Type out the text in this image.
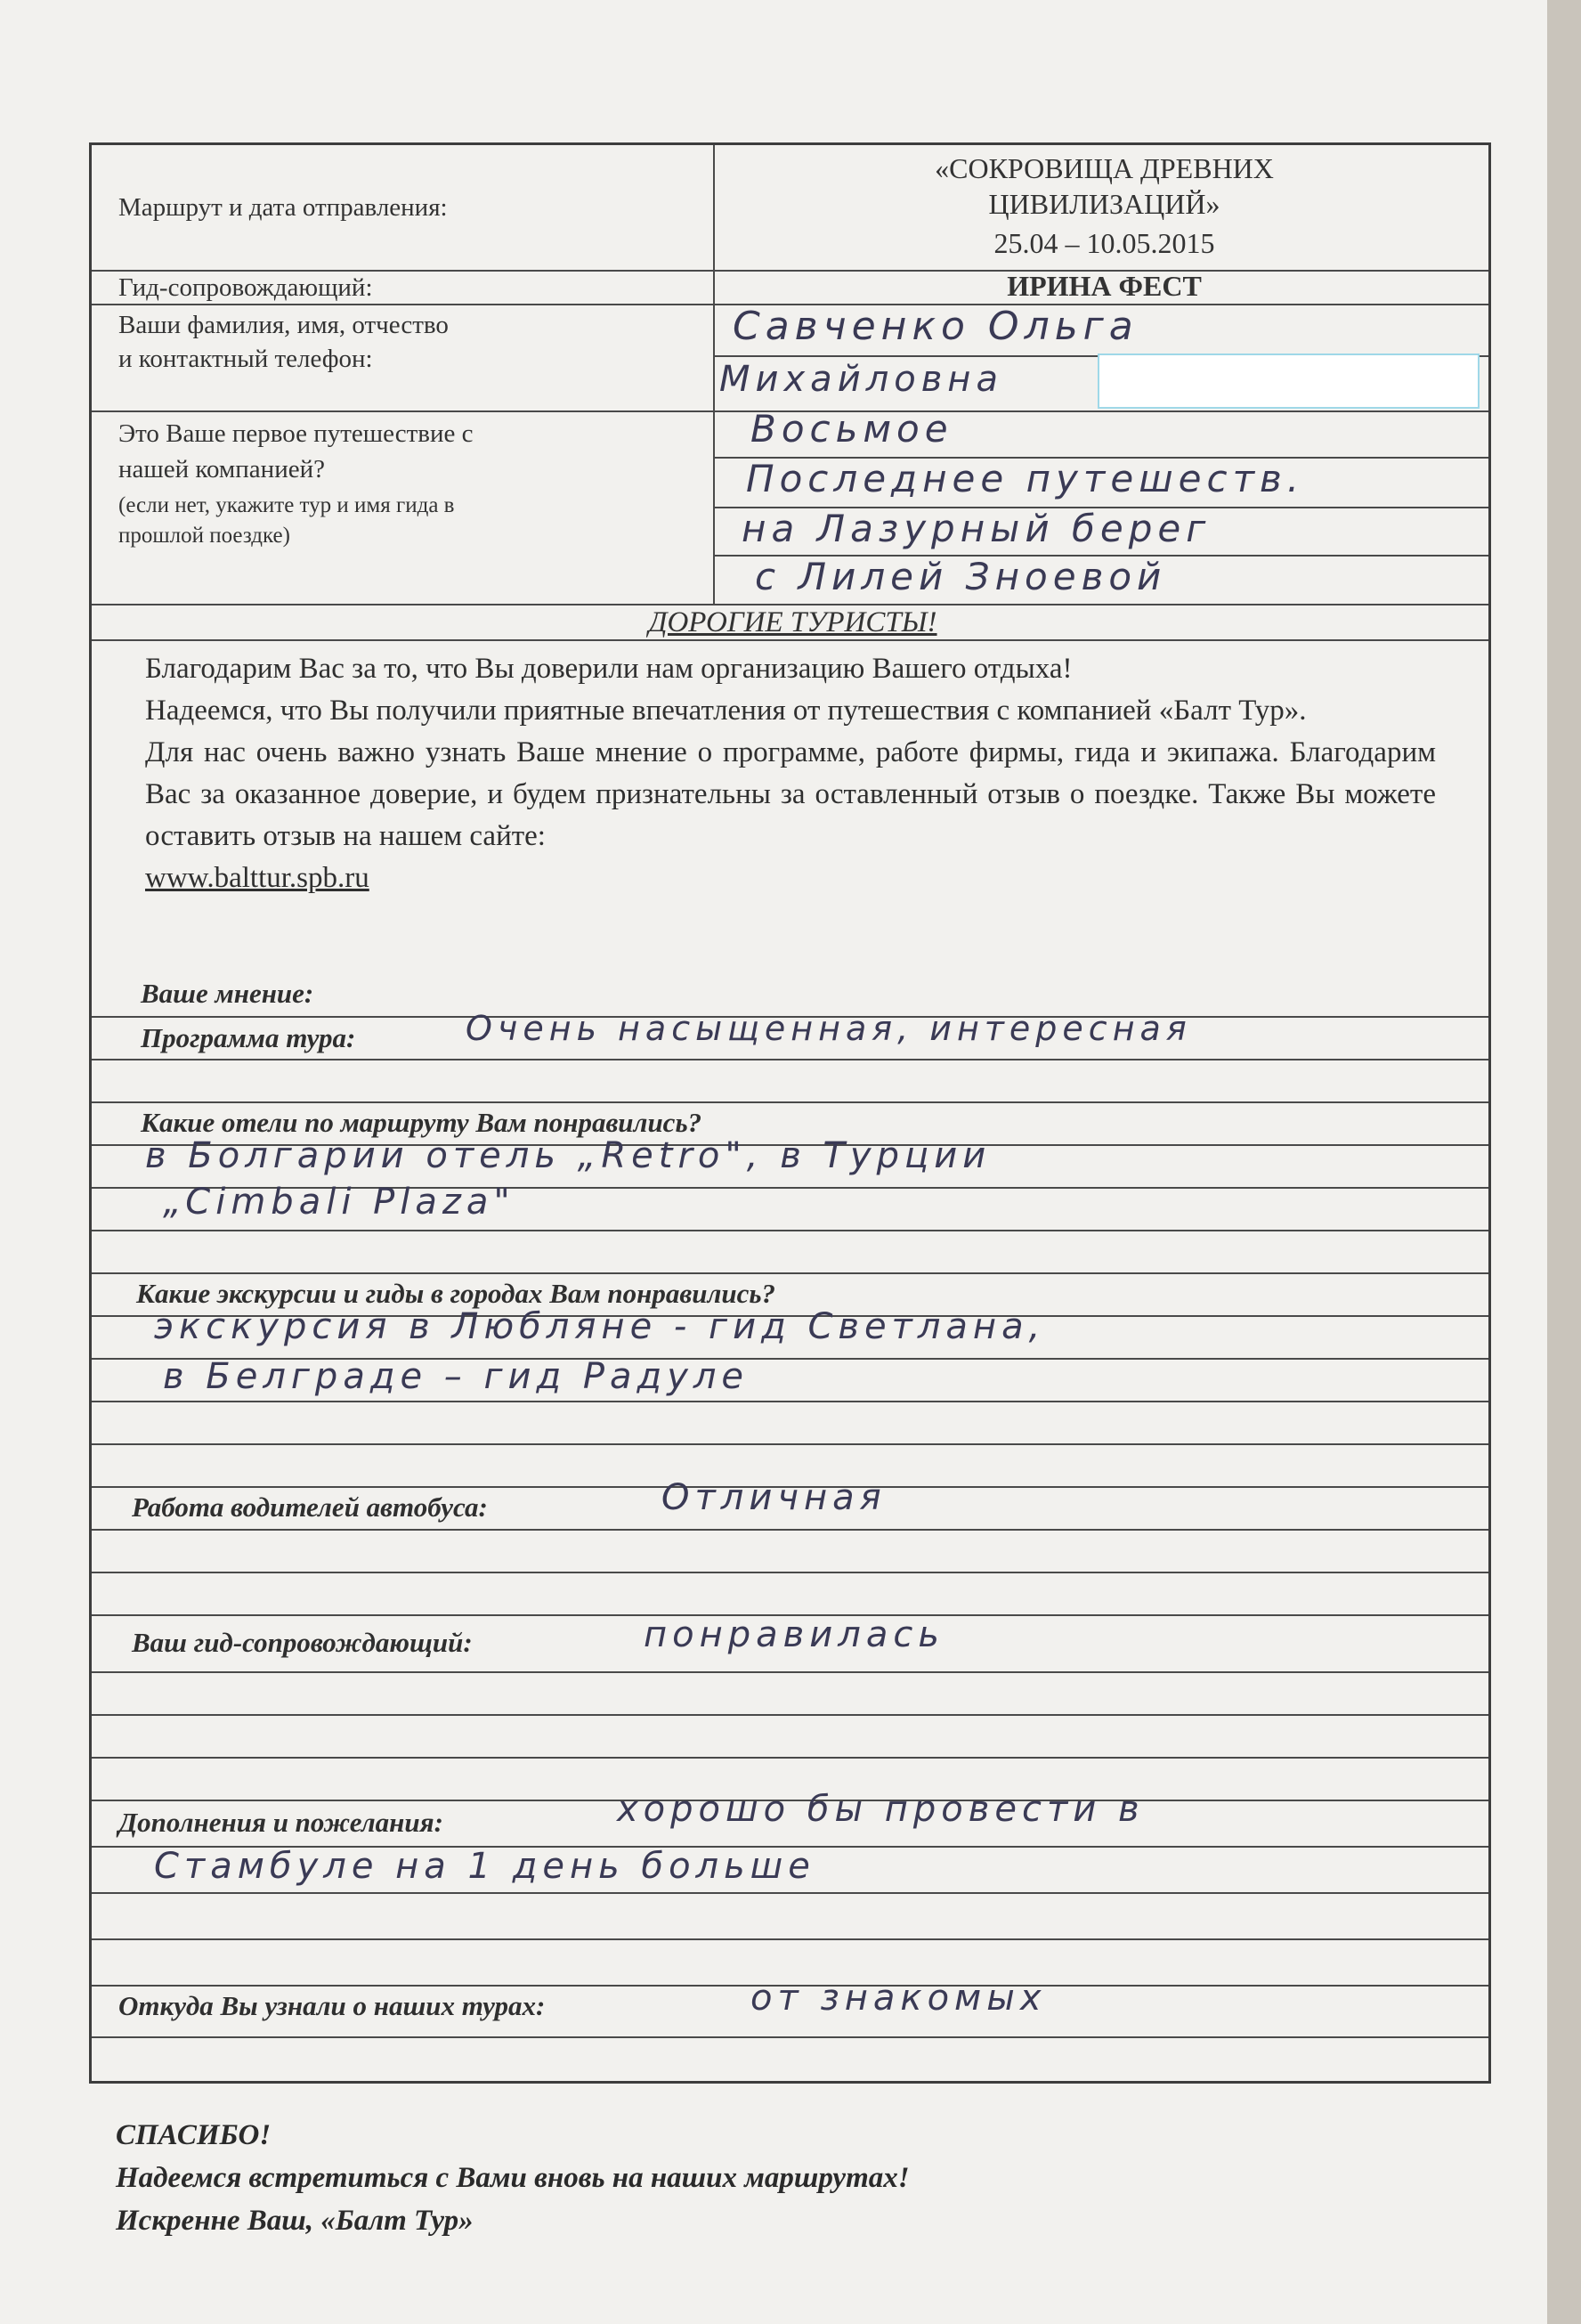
Маршрут и дата отправления:
«СОКРОВИЩА ДРЕВНИХ
ЦИВИЛИЗАЦИЙ»
25.04 – 10.05.2015
Гид-сопровождающий:	ИРИНА ФЕСТ
Ваши фамилия, имя, отчество
и контактный телефон:
Савченко Ольга
Михайловна
Это Ваше первое путешествие с
нашей компанией?
(если нет, укажите тур и имя гида в
прошлой поездке)
Восьмое
Последнее путешеств.
на Лазурный берег
с Лилей Зноевой
ДОРОГИЕ ТУРИСТЫ!

Благодарим Вас за то, что Вы доверили нам организацию Вашего отдыха!

Надеемся, что Вы получили приятные впечатления от путешествия с компанией «Балт Тур».

Для нас очень важно узнать Ваше мнение о программе, работе фирмы, гида и экипажа. Благодарим Вас за оказанное доверие, и будем признательны за оставленный отзыв о поездке. Также Вы можете оставить отзыв на нашем сайте:

www.balttur.spb.ru

Ваше мнение:
Программа тура:	Очень насыщенная, интересная
Какие отели по маршруту Вам понравились?
в Болгарии отель „Retro", в Турции
„Cimbali Plaza"
Какие экскурсии и гиды в городах Вам понравились?
экскурсия в Любляне - гид Светлана,
в Белграде – гид Радуле
Работа водителей автобуса:	Отличная
Ваш гид-сопровождающий:	понравилась
Дополнения и пожелания:	хорошо бы провести в
Стамбуле на 1 день больше
Откуда Вы узнали о наших турах:	от знакомых
СПАСИБО!
Надеемся встретиться с Вами вновь на наших маршрутах!
Искренне Ваш, «Балт Тур»
